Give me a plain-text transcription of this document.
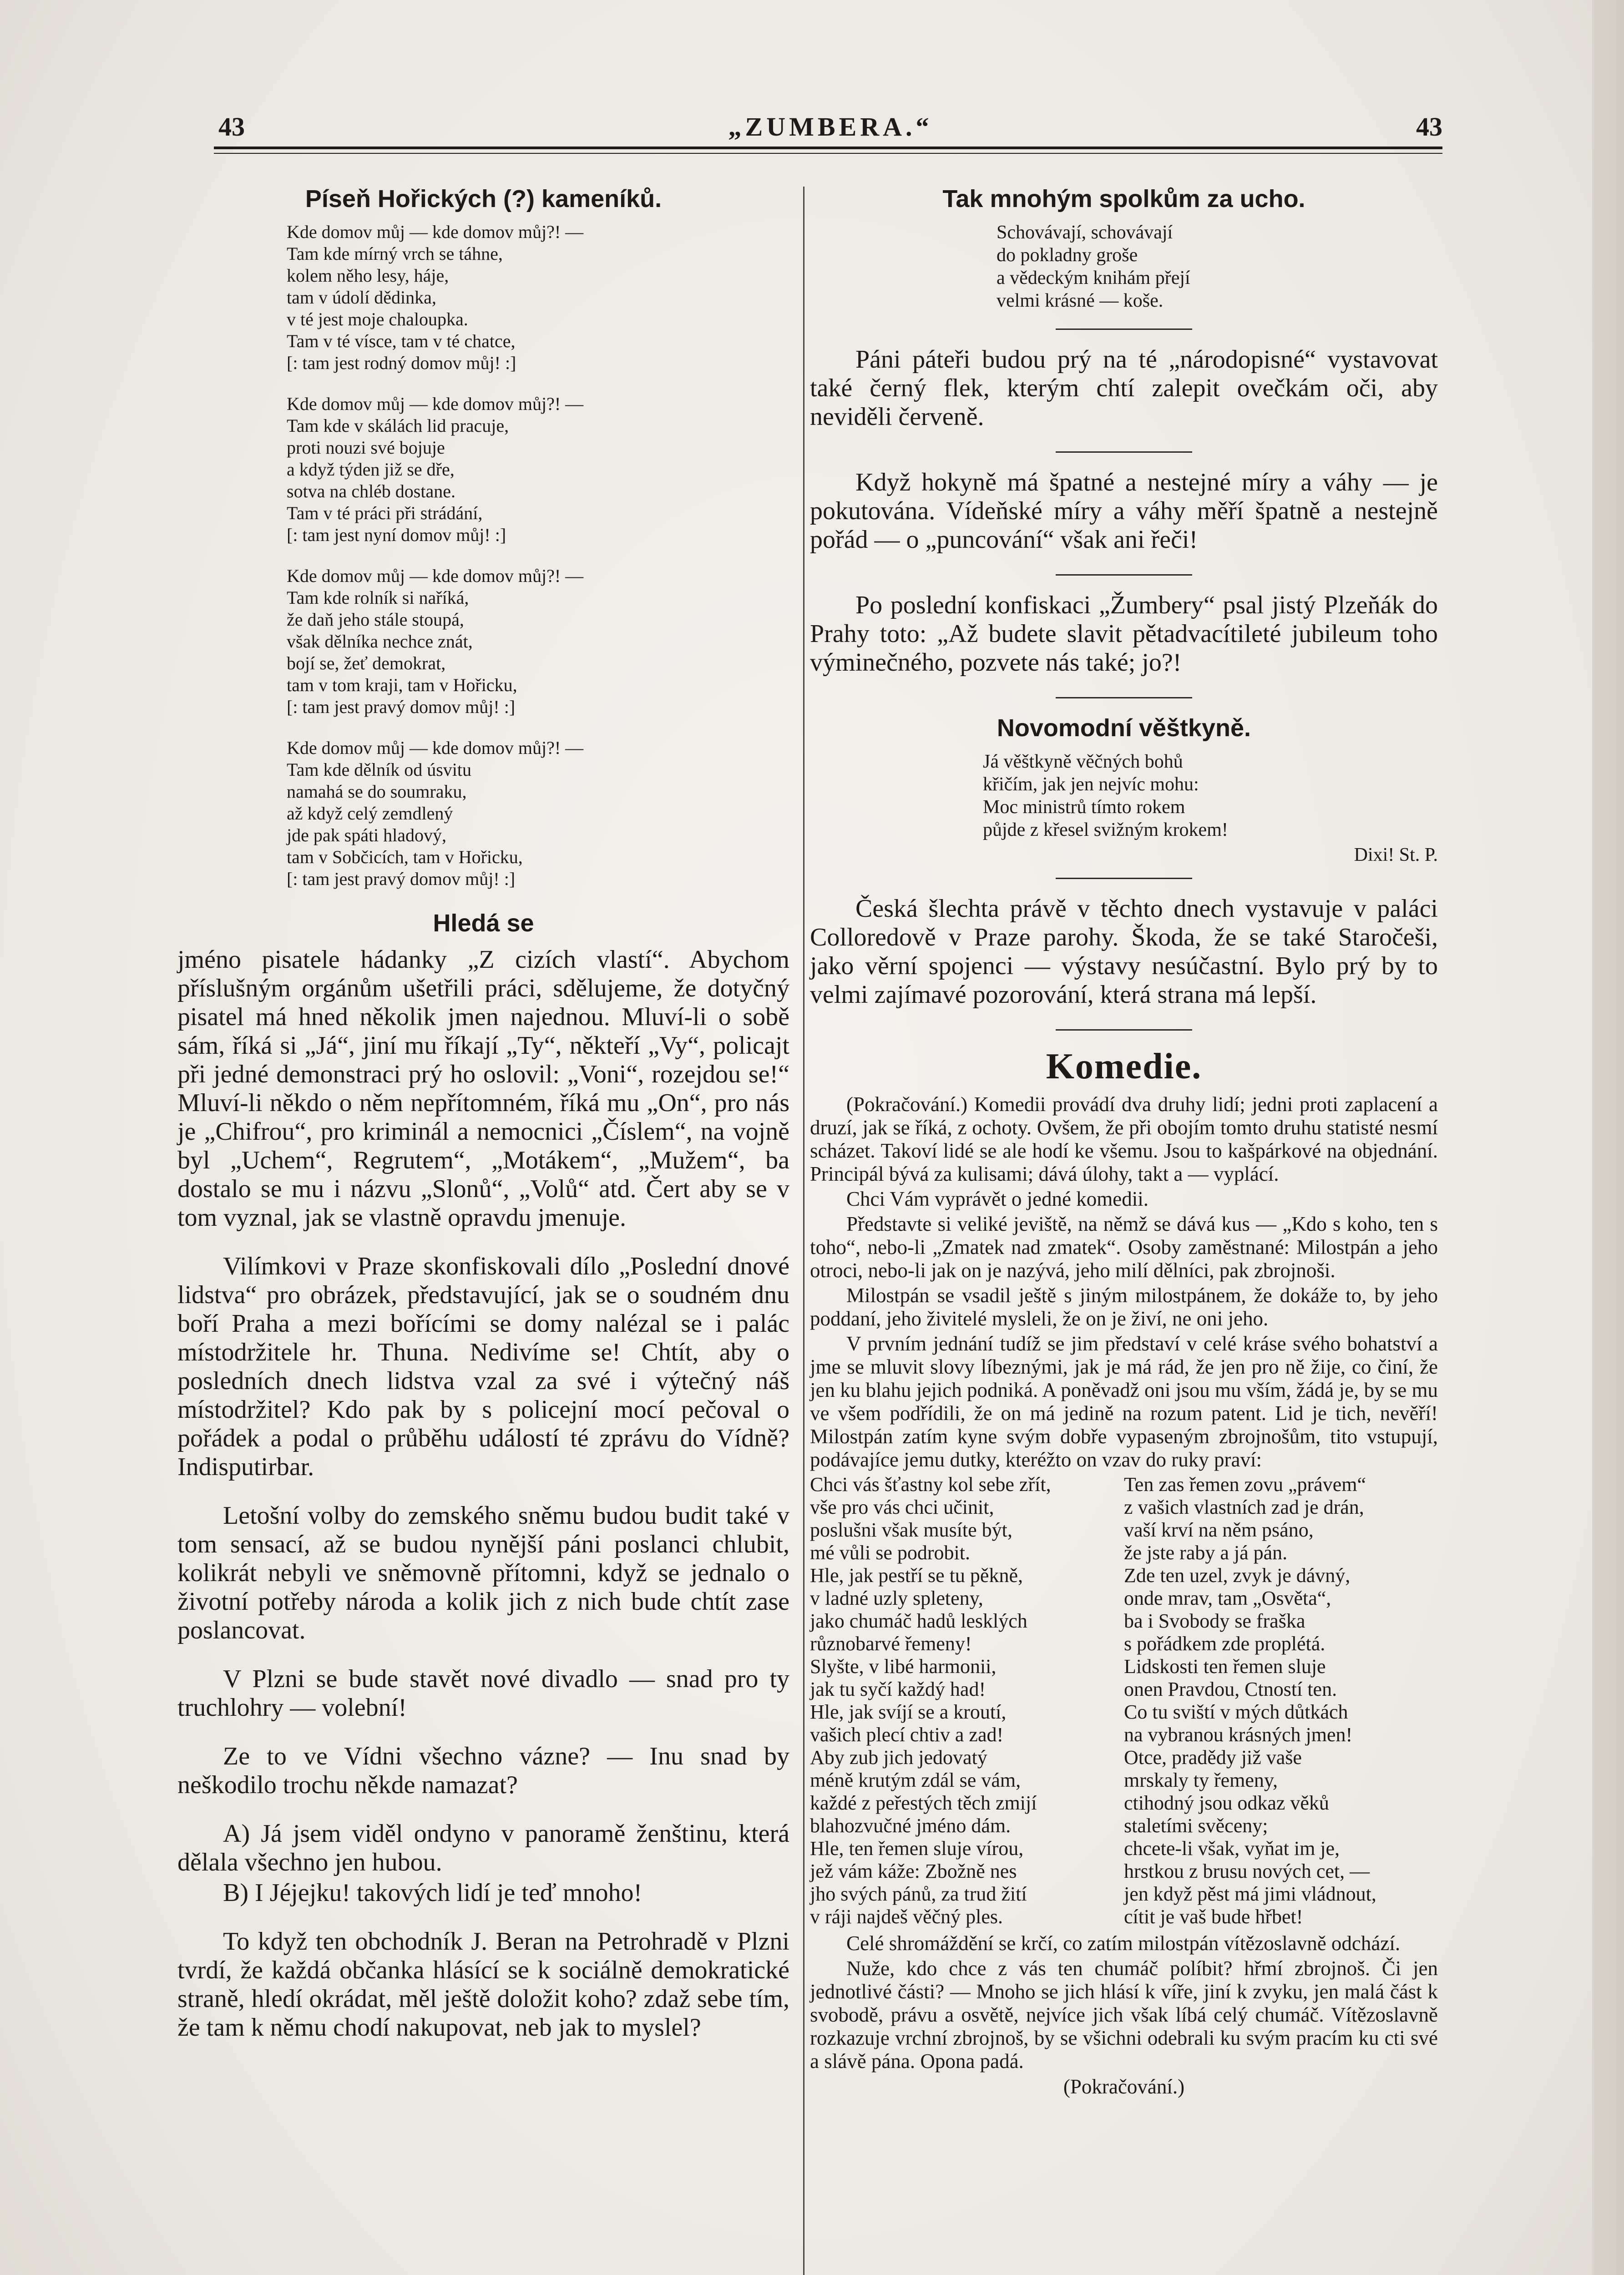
43	„ZUMBERA.“	43
Píseň Hořických (?) kameníků.
Kde domov můj — kde domov můj?! —
Tam kde mírný vrch se táhne,
kolem něho lesy, háje,
tam v údolí dědinka,
v té jest moje chaloupka.
Tam v té vísce, tam v té chatce,
[: tam jest rodný domov můj! :]
Kde domov můj — kde domov můj?! —
Tam kde v skálách lid pracuje,
proti nouzi své bojuje
a když týden již se dře,
sotva na chléb dostane.
Tam v té práci při strádání,
[: tam jest nyní domov můj! :]
Kde domov můj — kde domov můj?! —
Tam kde rolník si naříká,
že daň jeho stále stoupá,
však dělníka nechce znát,
bojí se, žeť demokrat,
tam v tom kraji, tam v Hořicku,
[: tam jest pravý domov můj! :]
Kde domov můj — kde domov můj?! —
Tam kde dělník od úsvitu
namahá se do soumraku,
až když celý zemdlený
jde pak spáti hladový,
tam v Sobčicích, tam v Hořicku,
[: tam jest pravý domov můj! :]
Hledá se

jméno pisatele hádanky „Z cizích vlastí“. Abychom příslušným orgánům ušetřili práci, sdělujeme, že dotyčný pisatel má hned několik jmen najednou. Mluví-li o sobě sám, říká si „Já“, jiní mu říkají „Ty“, někteří „Vy“, policajt při jedné demonstraci prý ho oslovil: „Voni“, rozejdou se!“ Mluví-li někdo o něm nepřítomném, říká mu „On“, pro nás je „Chifrou“, pro kriminál a nemocnici „Číslem“, na vojně byl „Uchem“, Regrutem“, „Motákem“, „Mužem“, ba dostalo se mu i názvu „Slonů“, „Volů“ atd. Čert aby se v tom vyznal, jak se vlastně opravdu jmenuje.

Vilímkovi v Praze skonfiskovali dílo „Poslední dnové lidstva“ pro obrázek, představující, jak se o soudném dnu boří Praha a mezi bořícími se domy nalézal se i palác místodržitele hr. Thuna. Nedivíme se! Chtít, aby o posledních dnech lidstva vzal za své i výtečný náš místodržitel? Kdo pak by s policejní mocí pečoval o pořádek a podal o průběhu událostí té zprávu do Vídně? Indisputirbar.

Letošní volby do zemského sněmu budou budit také v tom sensací, až se budou nynější páni poslanci chlubit, kolikrát nebyli ve sněmovně přítomni, když se jednalo o životní potřeby národa a kolik jich z nich bude chtít zase poslancovat.

V Plzni se bude stavět nové divadlo — snad pro ty truchlohry — volební!

Ze to ve Vídni všechno vázne? — Inu snad by neškodilo trochu někde namazat?

A) Já jsem viděl ondyno v panoramě ženštinu, která dělala všechno jen hubou.

B) I Jéjejku! takových lidí je teď mnoho!

To když ten obchodník J. Beran na Petrohradě v Plzni tvrdí, že každá občanka hlásící se k sociálně demokratické straně, hledí okrádat, měl ještě doložit koho? zdaž sebe tím, že tam k němu chodí nakupovat, neb jak to myslel?

Tak mnohým spolkům za ucho.
Schovávají, schovávají
do pokladny groše
a vědeckým knihám přejí
velmi krásné — koše.

Páni páteři budou prý na té „národopisné“ vystavovat také černý flek, kterým chtí zalepit ovečkám oči, aby neviděli červeně.

Když hokyně má špatné a nestejné míry a váhy — je pokutována. Vídeňské míry a váhy měří špatně a nestejně pořád — o „puncování“ však ani řeči!

Po poslední konfiskaci „Žumbery“ psal jistý Plzeňák do Prahy toto: „Až budete slavit pětadvacítileté jubileum toho výminečného, pozvete nás také; jo?!

Novomodní věštkyně.
Já věštkyně věčných bohů
křičím, jak jen nejvíc mohu:
Moc ministrů tímto rokem
půjde z křesel svižným krokem!
Dixi! St. P.

Česká šlechta právě v těchto dnech vystavuje v paláci Colloredově v Praze parohy. Škoda, že se také Staročeši, jako věrní spojenci — výstavy nesúčastní. Bylo prý by to velmi zajímavé pozorování, která strana má lepší.

Komedie.

(Pokračování.) Komedii provádí dva druhy lidí; jedni proti zaplacení a druzí, jak se říká, z ochoty. Ovšem, že při obojím tomto druhu statisté nesmí scházet. Takoví lidé se ale hodí ke všemu. Jsou to kašpárkové na objednání. Principál bývá za kulisami; dává úlohy, takt a — vyplácí.

Chci Vám vyprávět o jedné komedii.

Představte si veliké jeviště, na němž se dává kus — „Kdo s koho, ten s toho“, nebo-li „Zmatek nad zmatek“. Osoby zaměstnané: Milostpán a jeho otroci, nebo-li jak on je nazývá, jeho milí dělníci, pak zbrojnoši.

Milostpán se vsadil ještě s jiným milostpánem, že dokáže to, by jeho poddaní, jeho živitelé mysleli, že on je živí, ne oni jeho.

V prvním jednání tudíž se jim představí v celé kráse svého bohatství a jme se mluvit slovy líbeznými, jak je má rád, že jen pro ně žije, co činí, že jen ku blahu jejich podniká. A poněvadž oni jsou mu vším, žádá je, by se mu ve všem podřídili, že on má jedině na rozum patent. Lid je tich, nevěří! Milostpán zatím kyne svým dobře vypaseným zbrojnošům, tito vstupují, podávajíce jemu dutky, kteréžto on vzav do ruky praví:

Chci vás šťastny kol sebe zřít,
vše pro vás chci učinit,
poslušni však musíte být,
mé vůli se podrobit.
Hle, jak pestří se tu pěkně,
v ladné uzly spleteny,
jako chumáč hadů lesklých
různobarvé řemeny!
Slyšte, v libé harmonii,
jak tu syčí každý had!
Hle, jak svíjí se a kroutí,
vašich plecí chtiv a zad!
Aby zub jich jedovatý
méně krutým zdál se vám,
každé z peřestých těch zmijí
blahozvučné jméno dám.
Hle, ten řemen sluje vírou,
jež vám káže: Zbožně nes
jho svých pánů, za trud žití
v ráji najdeš věčný ples.
Ten zas řemen zovu „právem“
z vašich vlastních zad je drán,
vaší krví na něm psáno,
že jste raby a já pán.
Zde ten uzel, zvyk je dávný,
onde mrav, tam „Osvěta“,
ba i Svobody se fraška
s pořádkem zde proplétá.
Lidskosti ten řemen sluje
onen Pravdou, Ctností ten.
Co tu sviští v mých důtkách
na vybranou krásných jmen!
Otce, pradědy již vaše
mrskaly ty řemeny,
ctihodný jsou odkaz věků
staletími svěceny;
chcete-li však, vyňat im je,
hrstkou z brusu nových cet, —
jen když pěst má jimi vládnout,
cítit je vaš bude hřbet!

Celé shromáždění se krčí, co zatím milostpán vítězoslavně odchází.

Nuže, kdo chce z vás ten chumáč políbit? hřmí zbrojnoš. Či jen jednotlivé části? — Mnoho se jich hlásí k víře, jiní k zvyku, jen malá část k svobodě, právu a osvětě, nejvíce jich však líbá celý chumáč. Vítězoslavně rozkazuje vrchní zbrojnoš, by se všichni odebrali ku svým pracím ku cti své a slávě pána. Opona padá.

(Pokračování.)
